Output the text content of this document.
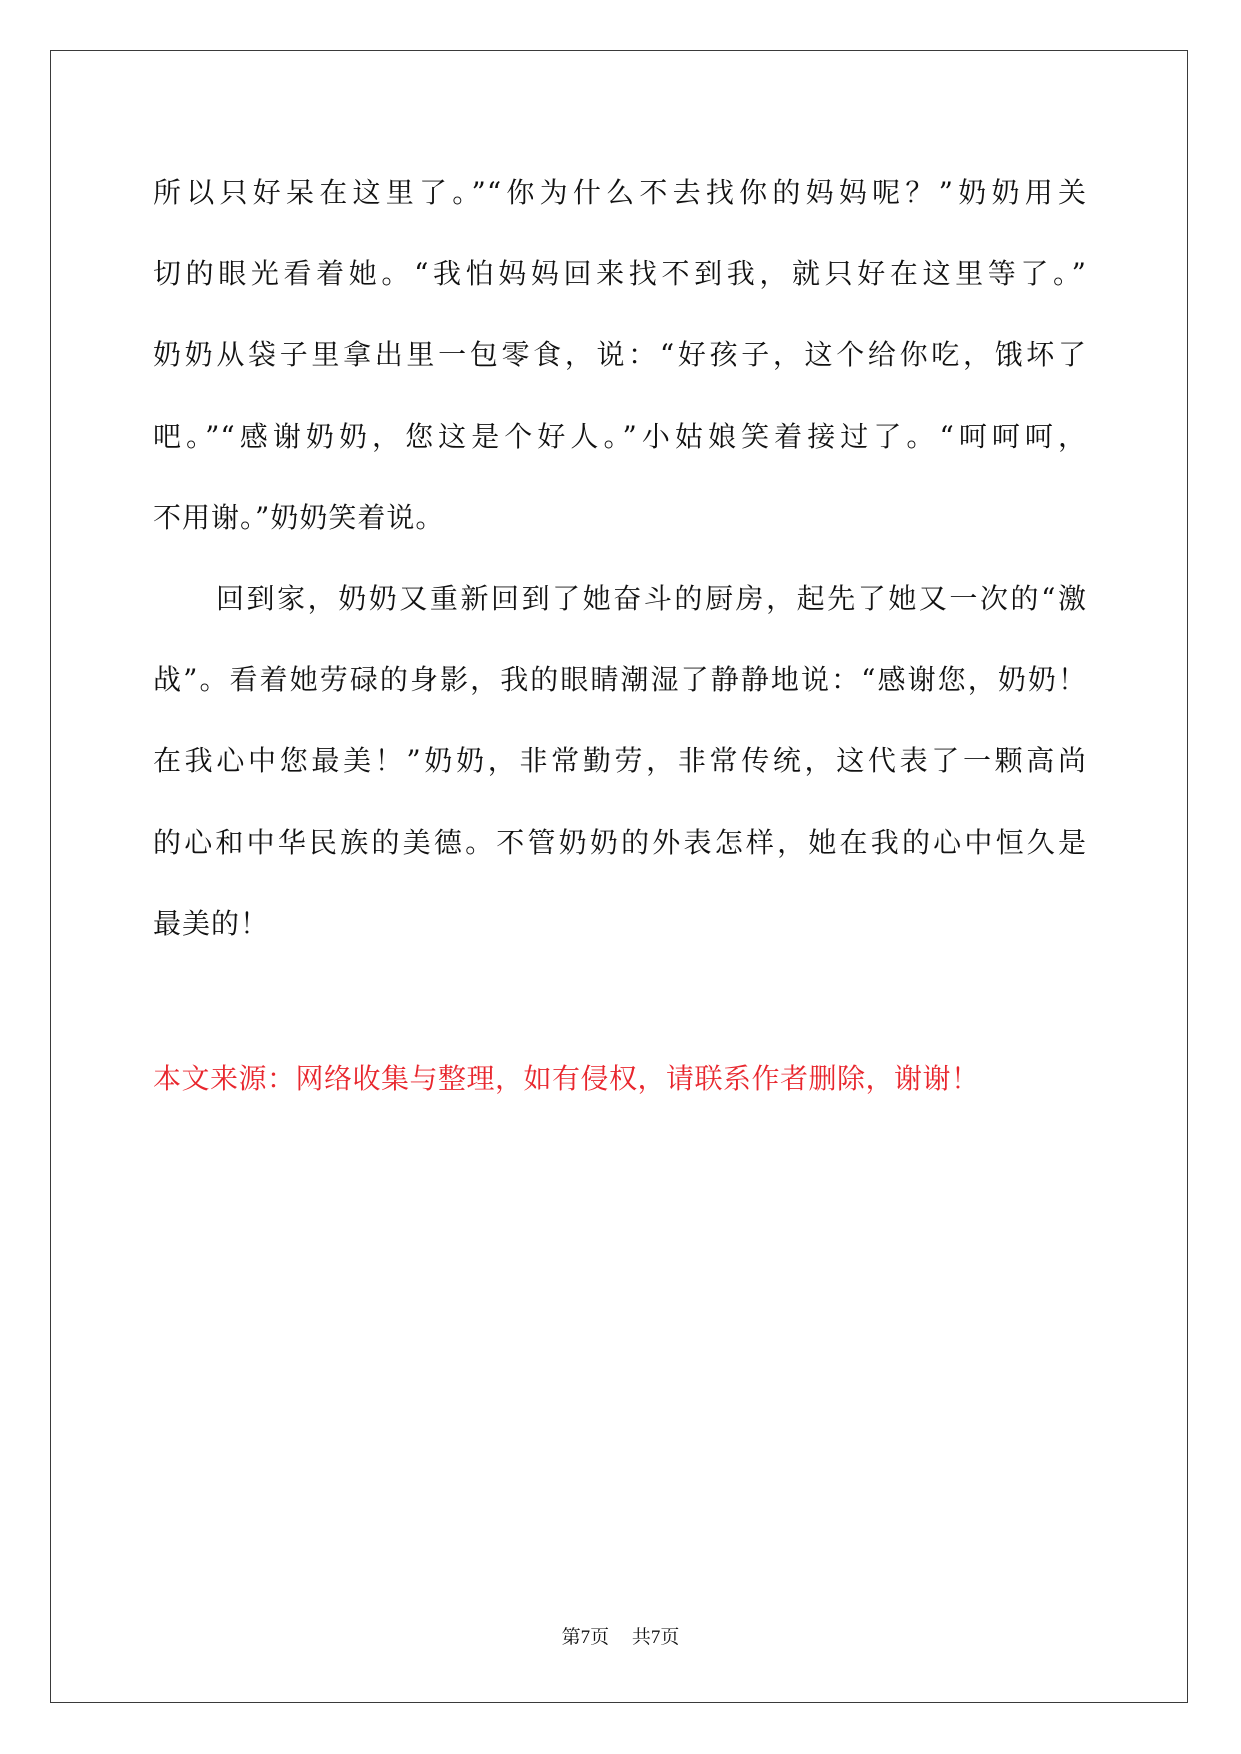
所以只好呆在这里了。”“你为什么不去找你的妈妈呢？”奶奶用关
切的眼光看着她。“我怕妈妈回来找不到我，就只好在这里等了。”
奶奶从袋子里拿出里一包零食，说：“好孩子，这个给你吃，饿坏了
吧。”“感谢奶奶，您这是个好人。”小姑娘笑着接过了。“呵呵呵，
不用谢。”奶奶笑着说。
回到家，奶奶又重新回到了她奋斗的厨房，起先了她又一次的“激
战”。看着她劳碌的身影，我的眼睛潮湿了静静地说：“感谢您，奶奶！
在我心中您最美！”奶奶，非常勤劳，非常传统，这代表了一颗高尚
的心和中华民族的美德。不管奶奶的外表怎样，她在我的心中恒久是
最美的！
本文来源：网络收集与整理，如有侵权，请联系作者删除，谢谢！
第7页 共7页
